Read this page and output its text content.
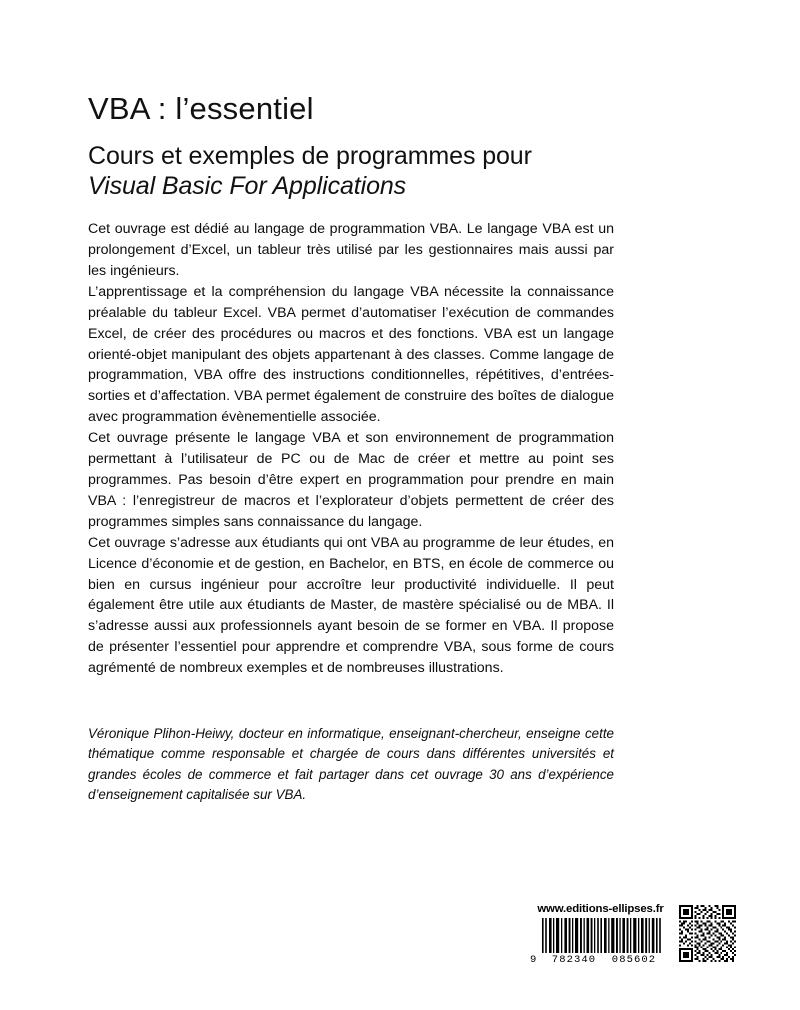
VBA : l’essentiel
Cours et exemples de programmes pour
Visual Basic For Applications

Cet ouvrage est dédié au langage de programmation VBA. Le langage VBA est un prolongement d’Excel, un tableur très utilisé par les gestionnaires mais aussi par les ingénieurs.

L’apprentissage et la compréhension du langage VBA nécessite la connaissance préalable du tableur Excel. VBA permet d’automatiser l’exécution de commandes Excel, de créer des procédures ou macros et des fonctions. VBA est un langage orienté-objet manipulant des objets appartenant à des classes. Comme langage de programmation, VBA offre des instructions conditionnelles, répétitives, d’entrées-sorties et d’affectation. VBA permet également de construire des boîtes de dialogue avec programmation évènementielle associée.

Cet ouvrage présente le langage VBA et son environnement de programmation permettant à l’utilisateur de PC ou de Mac de créer et mettre au point ses programmes. Pas besoin d’être expert en programmation pour prendre en main VBA : l’enregistreur de macros et l’explorateur d’objets permettent de créer des programmes simples sans connaissance du langage.

Cet ouvrage s’adresse aux étudiants qui ont VBA au programme de leur études, en Licence d’économie et de gestion, en Bachelor, en BTS, en école de commerce ou bien en cursus ingénieur pour accroître leur productivité individuelle. Il peut également être utile aux étudiants de Master, de mastère spécialisé ou de MBA. Il s’adresse aussi aux professionnels ayant besoin de se former en VBA. Il propose de présenter l’essentiel pour apprendre et comprendre VBA, sous forme de cours agrémenté de nombreux exemples et de nombreuses illustrations.

Véronique Plihon-Heiwy, docteur en informatique, enseignant-chercheur, enseigne cette thématique comme responsable et chargée de cours dans différentes universités et grandes écoles de commerce et fait partager dans cet ouvrage 30 ans d’expérience d’enseignement capitalisée sur VBA.

www.editions-ellipses.fr
9	782340	085602
